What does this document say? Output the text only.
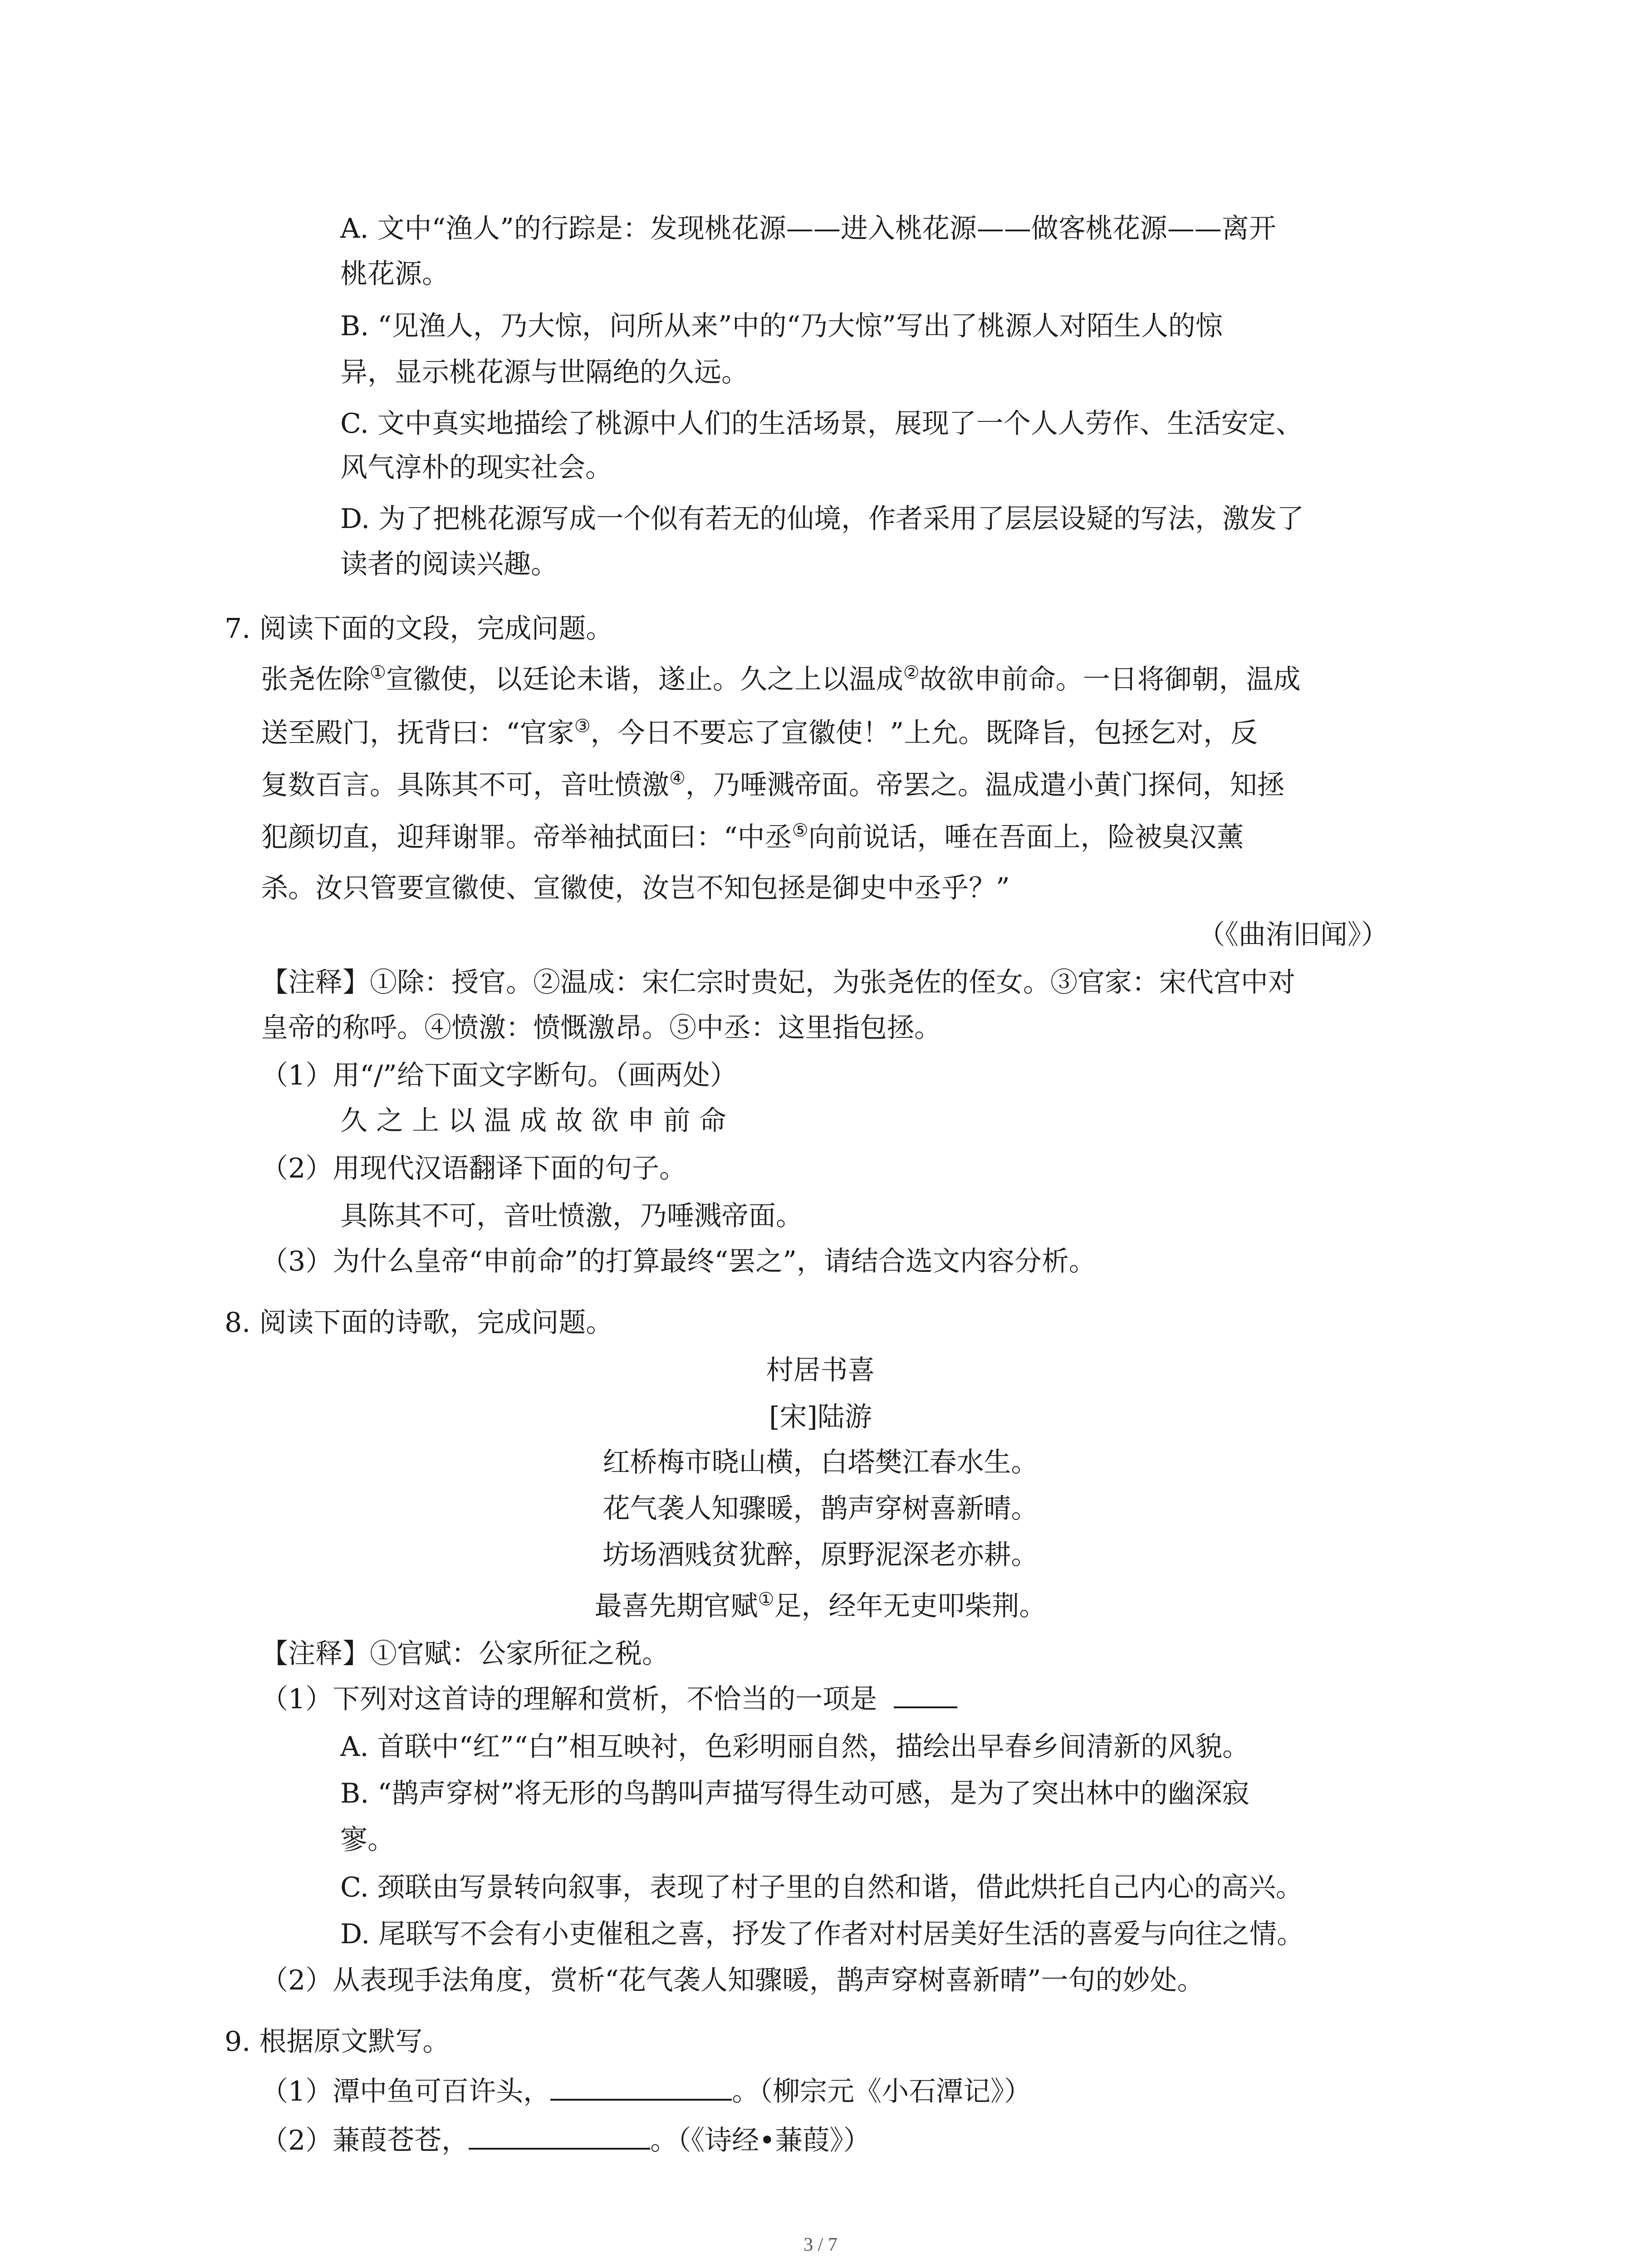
A. 文中“渔人”的行踪是：发现桃花源——进入桃花源——做客桃花源——离开
桃花源。
B. “见渔人，乃大惊，问所从来”中的“乃大惊”写出了桃源人对陌生人的惊
异，显示桃花源与世隔绝的久远。
C. 文中真实地描绘了桃源中人们的生活场景，展现了一个人人劳作、生活安定、
风气淳朴的现实社会。
D. 为了把桃花源写成一个似有若无的仙境，作者采用了层层设疑的写法，激发了
读者的阅读兴趣。
7. 阅读下面的文段，完成问题。
张尧佐除①宣徽使，以廷论未谐，遂止。久之上以温成②故欲申前命。一日将御朝，温成
送至殿门，抚背曰：“官家③，今日不要忘了宣徽使！”上允。既降旨，包拯乞对，反
复数百言。具陈其不可，音吐愤激④，乃唾溅帝面。帝罢之。温成遣小黄门探伺，知拯
犯颜切直，迎拜谢罪。帝举袖拭面曰：“中丞⑤向前说话，唾在吾面上，险被臭汉薰
杀。汝只管要宣徽使、宣徽使，汝岂不知包拯是御史中丞乎？”
（《曲洧旧闻》）
【注释】①除：授官。②温成：宋仁宗时贵妃，为张尧佐的侄女。③官家：宋代宫中对
皇帝的称呼。④愤激：愤慨激昂。⑤中丞：这里指包拯。
（1）用“/”给下面文字断句。（画两处）
久 之 上 以 温 成 故 欲 申 前 命
（2）用现代汉语翻译下面的句子。
具陈其不可，音吐愤激，乃唾溅帝面。
（3）为什么皇帝“申前命”的打算最终“罢之”，请结合选文内容分析。
8. 阅读下面的诗歌，完成问题。
村居书喜
[宋]陆游
红桥梅市晓山横，白塔樊江春水生。
花气袭人知骤暖，鹊声穿树喜新晴。
坊场酒贱贫犹醉，原野泥深老亦耕。
最喜先期官赋①足，经年无吏叩柴荆。
【注释】①官赋：公家所征之税。
（1）下列对这首诗的理解和赏析，不恰当的一项是
A. 首联中“红”“白”相互映衬，色彩明丽自然，描绘出早春乡间清新的风貌。
B. “鹊声穿树”将无形的鸟鹊叫声描写得生动可感，是为了突出林中的幽深寂
寥。
C. 颈联由写景转向叙事，表现了村子里的自然和谐，借此烘托自己内心的高兴。
D. 尾联写不会有小吏催租之喜，抒发了作者对村居美好生活的喜爱与向往之情。
（2）从表现手法角度，赏析“花气袭人知骤暖，鹊声穿树喜新晴”一句的妙处。
9. 根据原文默写。
（1）潭中鱼可百许头，	。（柳宗元《小石潭记》）
（2）蒹葭苍苍，	。（《诗经•蒹葭》）
3 / 7
